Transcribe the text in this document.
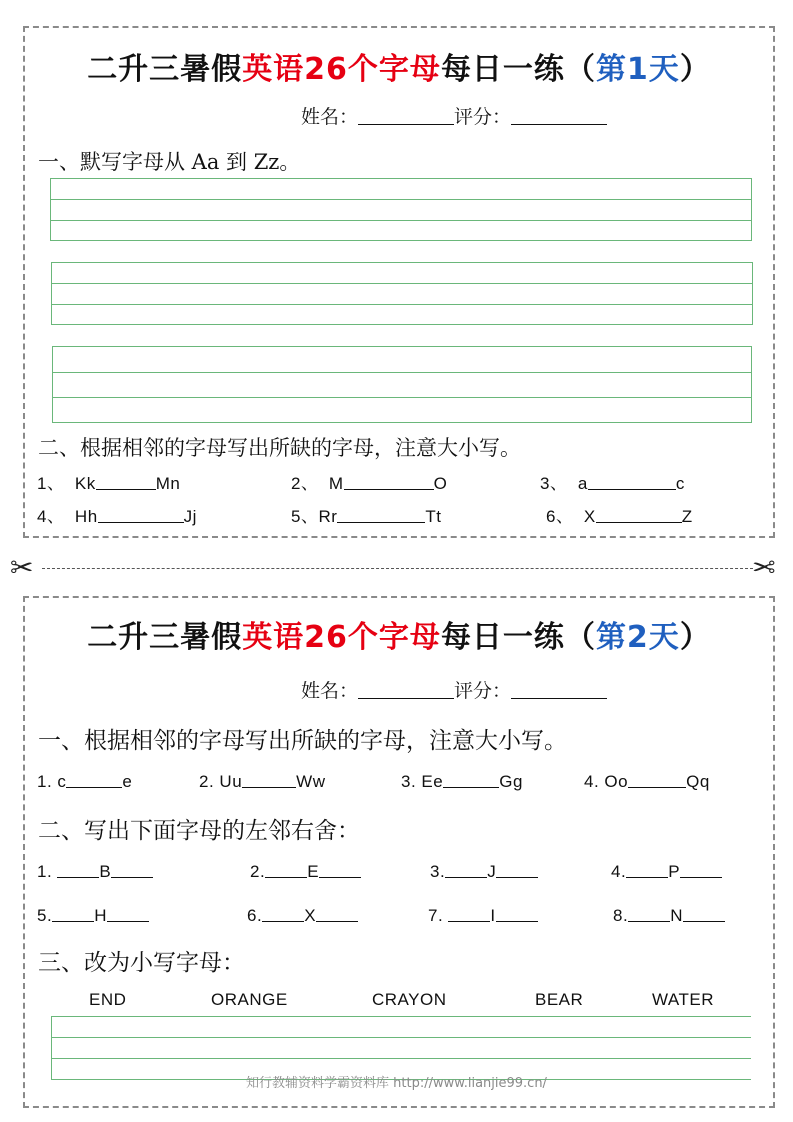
二升三暑假英语26个字母每日一练（第1天）
姓名：	评分：
一、默写字母从 Aa 到 Zz。
二、根据相邻的字母写出所缺的字母，注意大小写。
1、 Kk	Mn	2、 M	O	3、 a	c
4、 Hh	Jj	5、Rr	Tt	6、 X	Z
✂	✂
二升三暑假英语26个字母每日一练（第2天）
姓名：	评分：
一、根据相邻的字母写出所缺的字母，注意大小写。
1. c	e	2. Uu	Ww	3. Ee	Gg	4. Oo	Qq
二、写出下面字母的左邻右舍：
1.	B	2. E	3. J	4. P
5. H	6. X	7.	I	8. N
三、改为小写字母：
END	ORANGE	CRAYON	BEAR	WATER
知行教辅资料学霸资料库 http://www.lianjie99.cn/
